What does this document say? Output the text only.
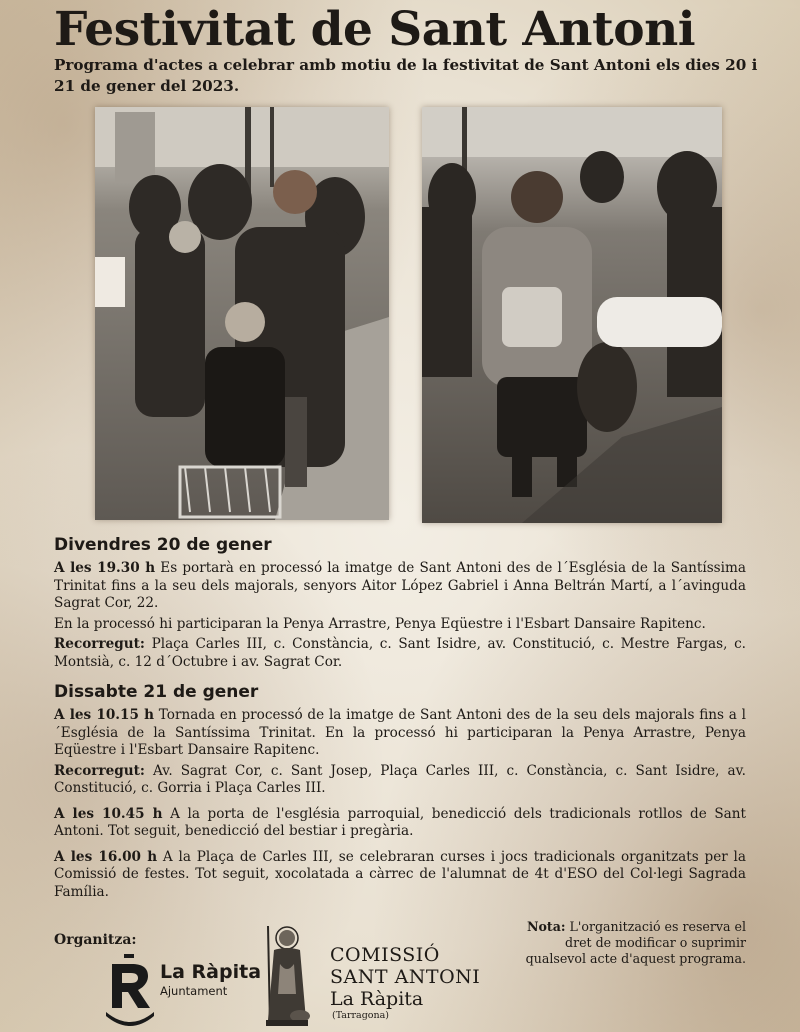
Festivitat de Sant Antoni
Programa d'actes a celebrar amb motiu de la festivitat de Sant Antoni els dies 20 i 21 de gener del 2023.
Divendres 20 de gener

A les 19.30 h Es portarà en processó la imatge de Sant Antoni des de l´Església de la Santíssima Trinitat fins a la seu dels majorals, senyors Aitor López Gabriel i Anna Beltrán Martí, a l´avinguda Sagrat Cor, 22.

En la processó hi participaran la Penya Arrastre, Penya Eqüestre i l'Esbart Dansaire Rapitenc.

Recorregut: Plaça Carles III, c. Constància, c. Sant Isidre, av. Constitució, c. Mestre Fargas, c. Montsià, c. 12 d´Octubre i av. Sagrat Cor.

Dissabte 21 de gener

A les 10.15 h Tornada en processó de la imatge de Sant Antoni des de la seu dels majorals fins a l´Església de la Santíssima Trinitat. En la processó hi participaran la Penya Arrastre, Penya Eqüestre i l'Esbart Dansaire Rapitenc.

Recorregut: Av. Sagrat Cor, c. Sant Josep, Plaça Carles III, c. Constància, c. Sant Isidre, av. Constitució, c. Gorria i Plaça Carles III.

A les 10.45 h A la porta de l'església parroquial, benedicció dels tradicionals rotllos de Sant Antoni. Tot seguit, benedicció del bestiar i pregària.

A les 16.00 h A la Plaça de Carles III, se celebraran curses i jocs tradicionals organitzats per la Comissió de festes. Tot seguit, xocolatada a càrrec de l'alumnat de 4t d'ESO del Col·legi Sagrada Família.

Organitza:
La Ràpita
Ajuntament
COMISSIÓ
SANT ANTONI
La Ràpita
(Tarragona)
Nota: L'organització es reserva el dret de modificar o suprimir qualsevol acte d'aquest programa.
